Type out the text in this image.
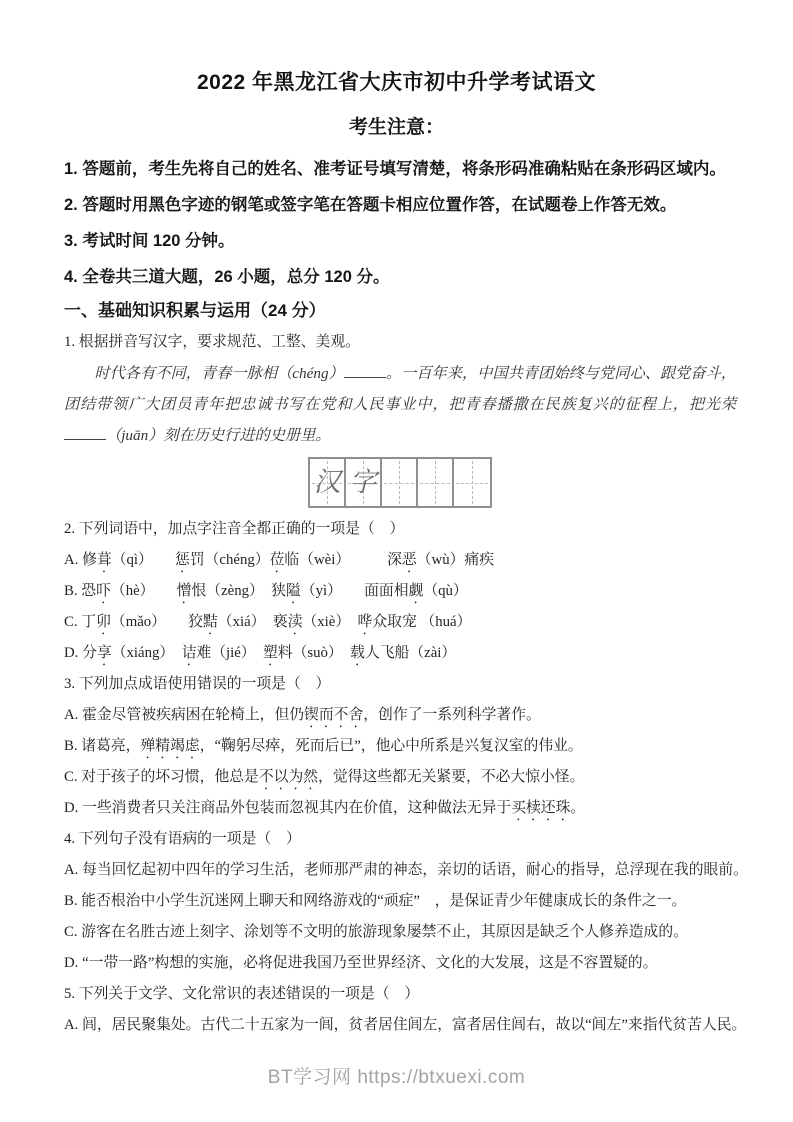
2022 年黑龙江省大庆市初中升学考试语文
考生注意：

1. 答题前，考生先将自己的姓名、准考证号填写清楚，将条形码准确粘贴在条形码区域内。

2. 答题时用黑色字迹的钢笔或签字笔在答题卡相应位置作答，在试题卷上作答无效。

3. 考试时间 120 分钟。

4. 全卷共三道大题，26 小题，总分 120 分。

一、基础知识积累与运用（24 分）
1. 根据拼音写汉字，要求规范、工整、美观。
时代各有不同，青春一脉相（chéng）	。一百年来，中国共青团始终与党同心、跟党奋斗，团结带领广大团员青年把忠诚书写在党和人民事业中，把青春播撒在民族复兴的征程上，把光荣（juān）刻在历史行进的史册里。
汉 字
2. 下列词语中，加点字注音全都正确的一项是（　）
A. 修葺（qì）　　惩罚（chéng）莅临（wèi）　　　深恶（wù）痛疾
B. 恐吓（hè）　　憎恨（zèng）　狭隘（yì）　　面面相觑（qù）
C. 丁卯（mǎo）　　狡黠（xiá）　亵渎（xiè）　哗众取宠 （huá）
D. 分享（xiáng）　诘难（jié）　塑料（suò）　载人飞船（zài）
3. 下列加点成语使用错误的一项是（　）
A. 霍金尽管被疾病困在轮椅上，但仍锲而不舍，创作了一系列科学著作。
B. 诸葛亮，殚精竭虑，“鞠躬尽瘁，死而后已”，他心中所系是兴复汉室的伟业。
C. 对于孩子的坏习惯，他总是不以为然，觉得这些都无关紧要，不必大惊小怪。
D. 一些消费者只关注商品外包装而忽视其内在价值，这种做法无异于买椟还珠。
4. 下列句子没有语病的一项是（　）
A. 每当回忆起初中四年的学习生活，老师那严肃的神态，亲切的话语，耐心的指导，总浮现在我的眼前。
B. 能否根治中小学生沉迷网上聊天和网络游戏的“顽症”　，是保证青少年健康成长的条件之一。
C. 游客在名胜古迹上刻字、涂划等不文明的旅游现象屡禁不止，其原因是缺乏个人修养造成的。
D. “一带一路”构想的实施，必将促进我国乃至世界经济、文化的大发展，这是不容置疑的。
5. 下列关于文学、文化常识的表述错误的一项是（　）
A. 闾，居民聚集处。古代二十五家为一闾，贫者居住闾左，富者居住闾右，故以“闾左”来指代贫苦人民。
BT学习网 https://btxuexi.com
